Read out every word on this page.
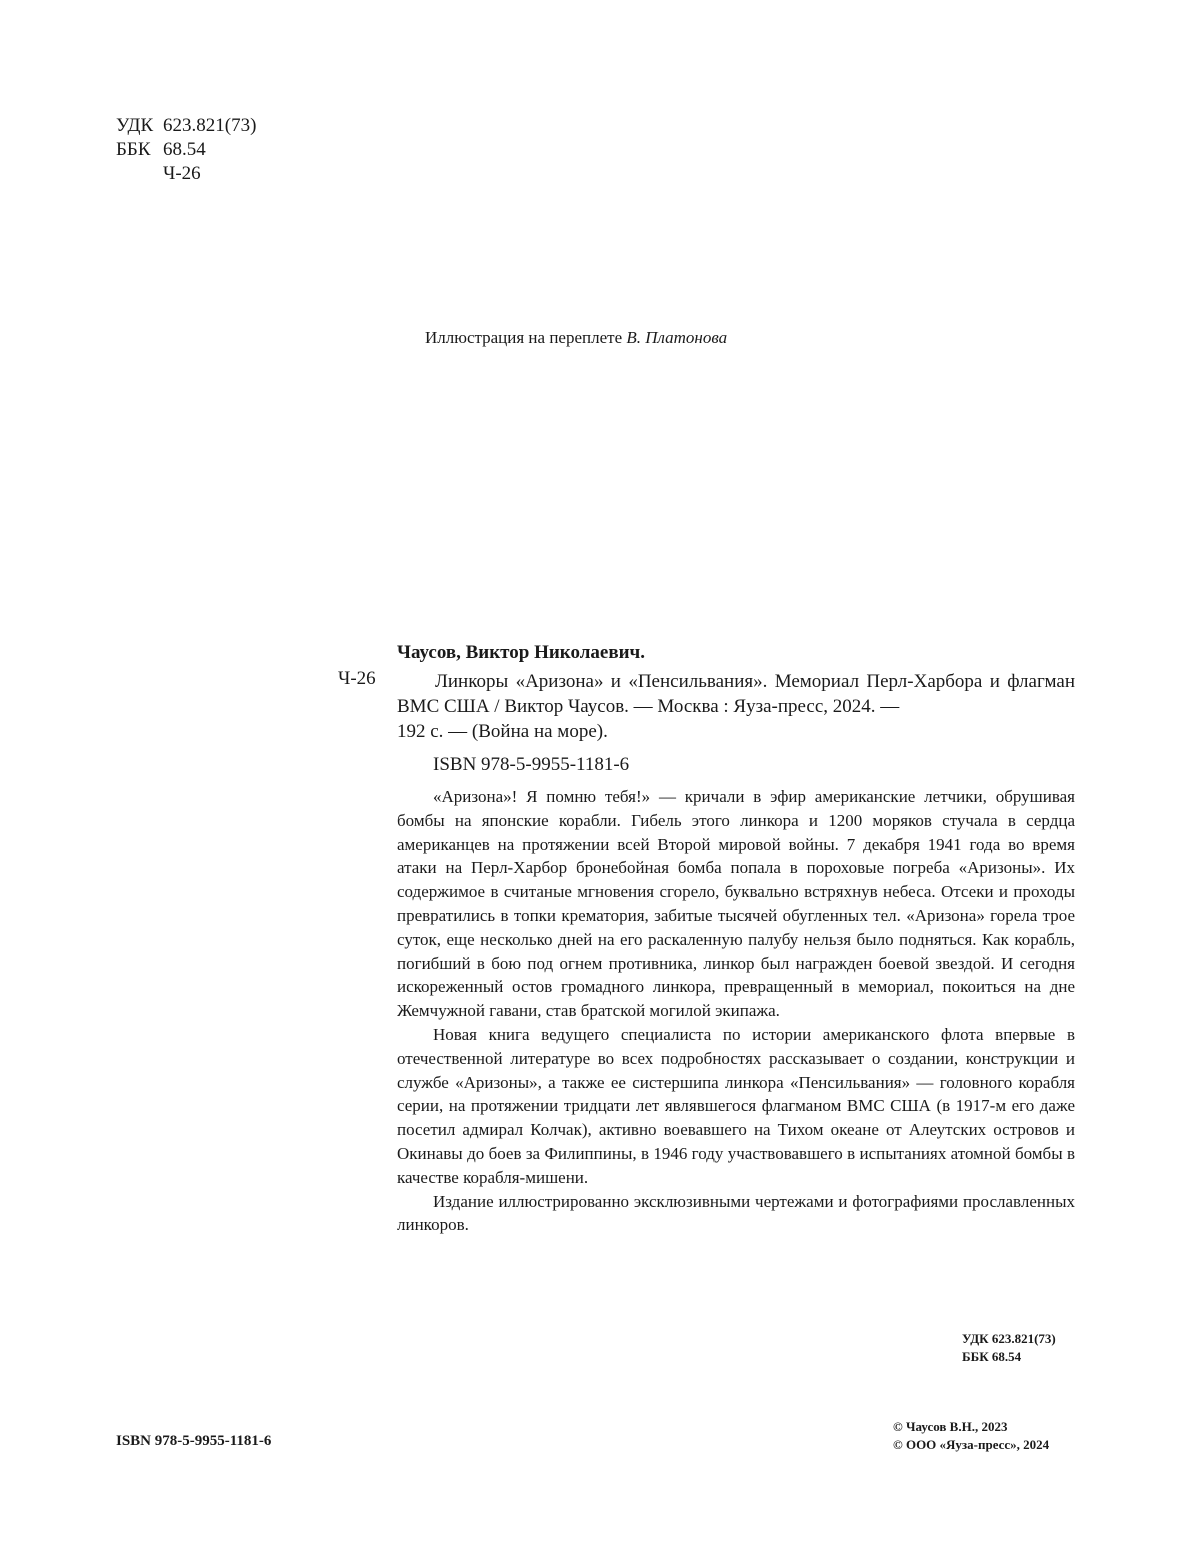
УДК 623.821(73)
ББК 68.54
Ч-26
Иллюстрация на переплете В. Платонова
Ч-26

Чаусов, Виктор Николаевич.

Линкоры «Аризона» и «Пенсильвания». Мемориал Перл-Харбора и флагман ВМС США / Виктор Чаусов. — Москва : Яуза-пресс, 2024. —

192 с. — (Война на море).

ISBN 978-5-9955-1181-6

«Аризона»! Я помню тебя!» — кричали в эфир американские летчики, обрушивая бомбы на японские корабли. Гибель этого линкора и 1200 моряков стучала в сердца американцев на протяжении всей Второй мировой войны. 7 декабря 1941 года во время атаки на Перл-Харбор бронебойная бомба попала в пороховые погреба «Аризоны». Их содержимое в считаные мгновения сгорело, буквально встряхнув небеса. Отсеки и проходы превратились в топки крематория, забитые тысячей обугленных тел. «Аризона» горела трое суток, еще несколько дней на его раскаленную палубу нельзя было подняться. Как корабль, погибший в бою под огнем противника, линкор был награжден боевой звездой. И сегодня искореженный остов громадного линкора, превращенный в мемориал, покоиться на дне Жемчужной гавани, став братской могилой экипажа.

Новая книга ведущего специалиста по истории американского флота впервые в отечественной литературе во всех подробностях рассказывает о создании, конструкции и службе «Аризоны», а также ее систершипа линкора «Пенсильвания» — головного корабля серии, на протяжении тридцати лет являвшегося флагманом ВМС США (в 1917-м его даже посетил адмирал Колчак), активно воевавшего на Тихом океане от Алеутских островов и Окинавы до боев за Филиппины, в 1946 году участвовавшего в испытаниях атомной бомбы в качестве корабля-мишени.

Издание иллюстрированно эксклюзивными чертежами и фотографиями прославленных линкоров.

УДК 623.821(73)
ББК 68.54
ISBN 978-5-9955-1181-6
© Чаусов В.Н., 2023
© ООО «Яуза-пресс», 2024
